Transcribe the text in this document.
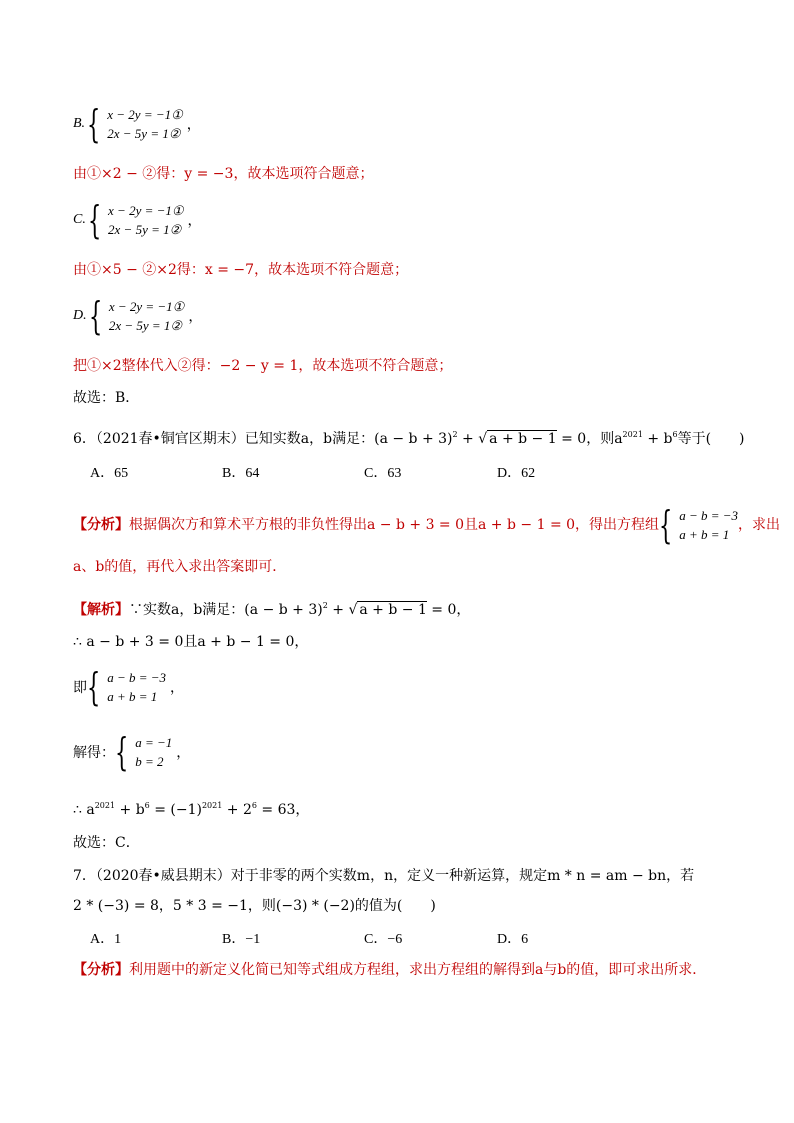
B. { x − 2y = −1①
2x − 5y = 1②
，
由①×2 − ②得：y = −3，故本选项符合题意；
C. { x − 2y = −1①
2x − 5y = 1②
，
由①×5 − ②×2得：x = −7，故本选项不符合题意；
D. { x − 2y = −1①
2x − 5y = 1②
，
把①×2整体代入②得：−2 − y = 1，故本选项不符合题意；
故选：B．
6．（2021春•铜官区期末）已知实数a，b满足：$(a - b + 3)^2$ + √ a + b − 1 = 0，则$a^{2021} + b^6$等于(　　)
A．65	B．64	C．63	D．62
【分析】 根据偶次方和算术平方根的非负性得出a − b + 3 = 0且a + b − 1 = 0，得出方程组 { a − b = −3
a + b = 1
，求出
a、b的值，再代入求出答案即可．
【解析】∵实数a，b满足：$(a - b + 3)^2$ + √ a + b − 1 = 0，
∴ a − b + 3 = 0且a + b − 1 = 0，
即 { a − b = −3
a + b = 1
，
解得： { a = −1
b = 2
，
∴ $a^{2021} + b^6 = (-1)^{2021} + 2^6 = 63$，
故选：C．
7．（2020春•威县期末）对于非零的两个实数m，n，定义一种新运算，规定m * n = am − bn，若
2 * (−3) = 8，5 * 3 = −1，则(−3) * (−2)的值为(　　)
A．1	B．−1	C．−6	D．6
【分析】利用题中的新定义化简已知等式组成方程组，求出方程组的解得到a与b的值，即可求出所求．
